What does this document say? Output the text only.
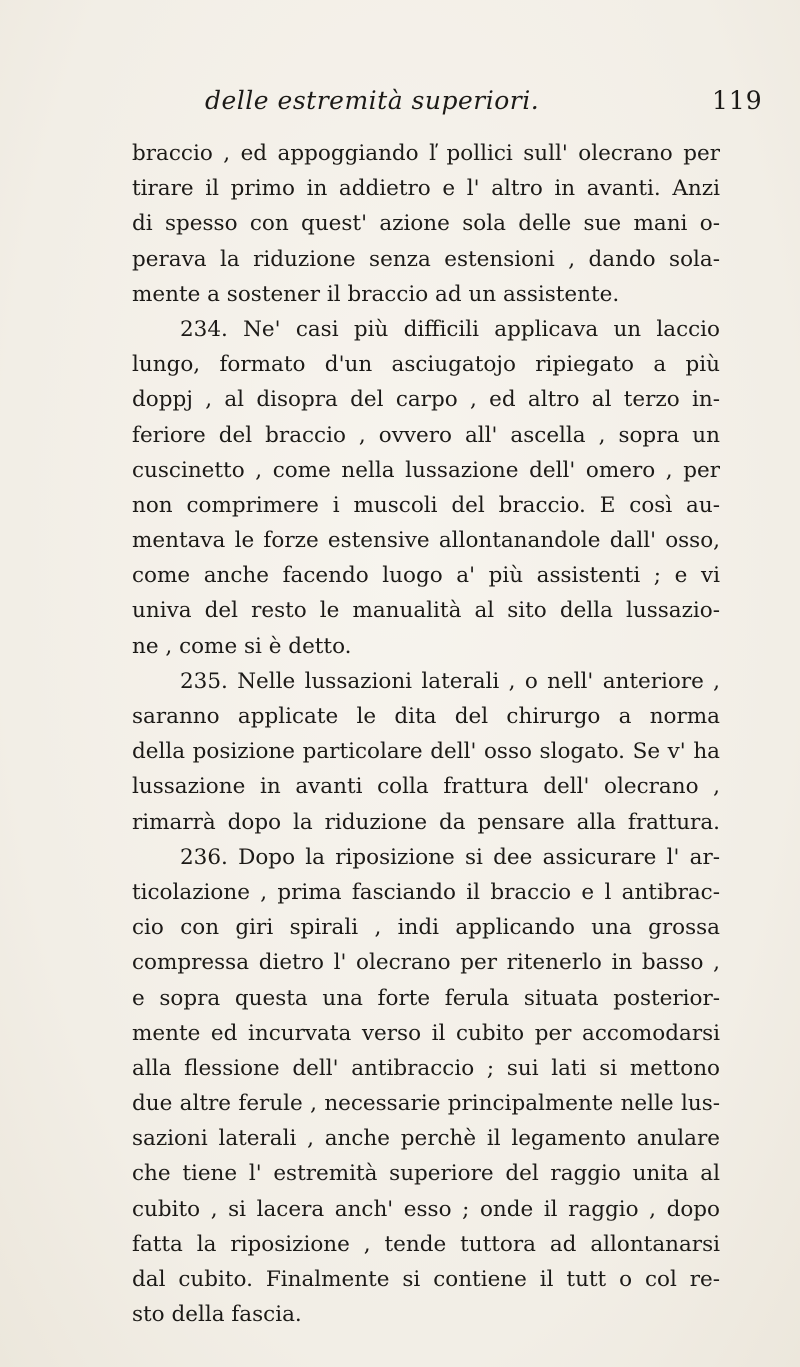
delle estremità superiori.	119
braccio , ed appoggiando ľ pollici sull' olecrano per
tirare il primo in addietro e l' altro in avanti. Anzi
di spesso con quest' azione sola delle sue mani o-
perava la riduzione senza estensioni , dando sola-
mente a sostener il braccio ad un assistente.
234. Ne' casi più difficili applicava un laccio
lungo, formato d'un asciugatojo ripiegato a più
doppj , al disopra del carpo , ed altro al terzo in-
feriore del braccio , ovvero all' ascella , sopra un
cuscinetto , come nella lussazione dell' omero , per
non comprimere i muscoli del braccio. E così au-
mentava le forze estensive allontanandole dall' osso,
come anche facendo luogo a' più assistenti ; e vi
univa del resto le manualità al sito della lussazio-
ne , come si è detto.
235. Nelle lussazioni laterali , o nell' anteriore ,
saranno applicate le dita del chirurgo a norma
della posizione particolare dell' osso slogato. Se v' ha
lussazione in avanti colla frattura dell' olecrano ,
rimarrà dopo la riduzione da pensare alla frattura.
236. Dopo la riposizione si dee assicurare l' ar-
ticolazione , prima fasciando il braccio e l antibrac-
cio con giri spirali , indi applicando una grossa
compressa dietro l' olecrano per ritenerlo in basso ,
e sopra questa una forte ferula situata posterior-
mente ed incurvata verso il cubito per accomodarsi
alla flessione dell' antibraccio ; sui lati si mettono
due altre ferule , necessarie principalmente nelle lus-
sazioni laterali , anche perchè il legamento anulare
che tiene l' estremità superiore del raggio unita al
cubito , si lacera anch' esso ; onde il raggio , dopo
fatta la riposizione , tende tuttora ad allontanarsi
dal cubito. Finalmente si contiene il tutt o col re-
sto della fascia.
